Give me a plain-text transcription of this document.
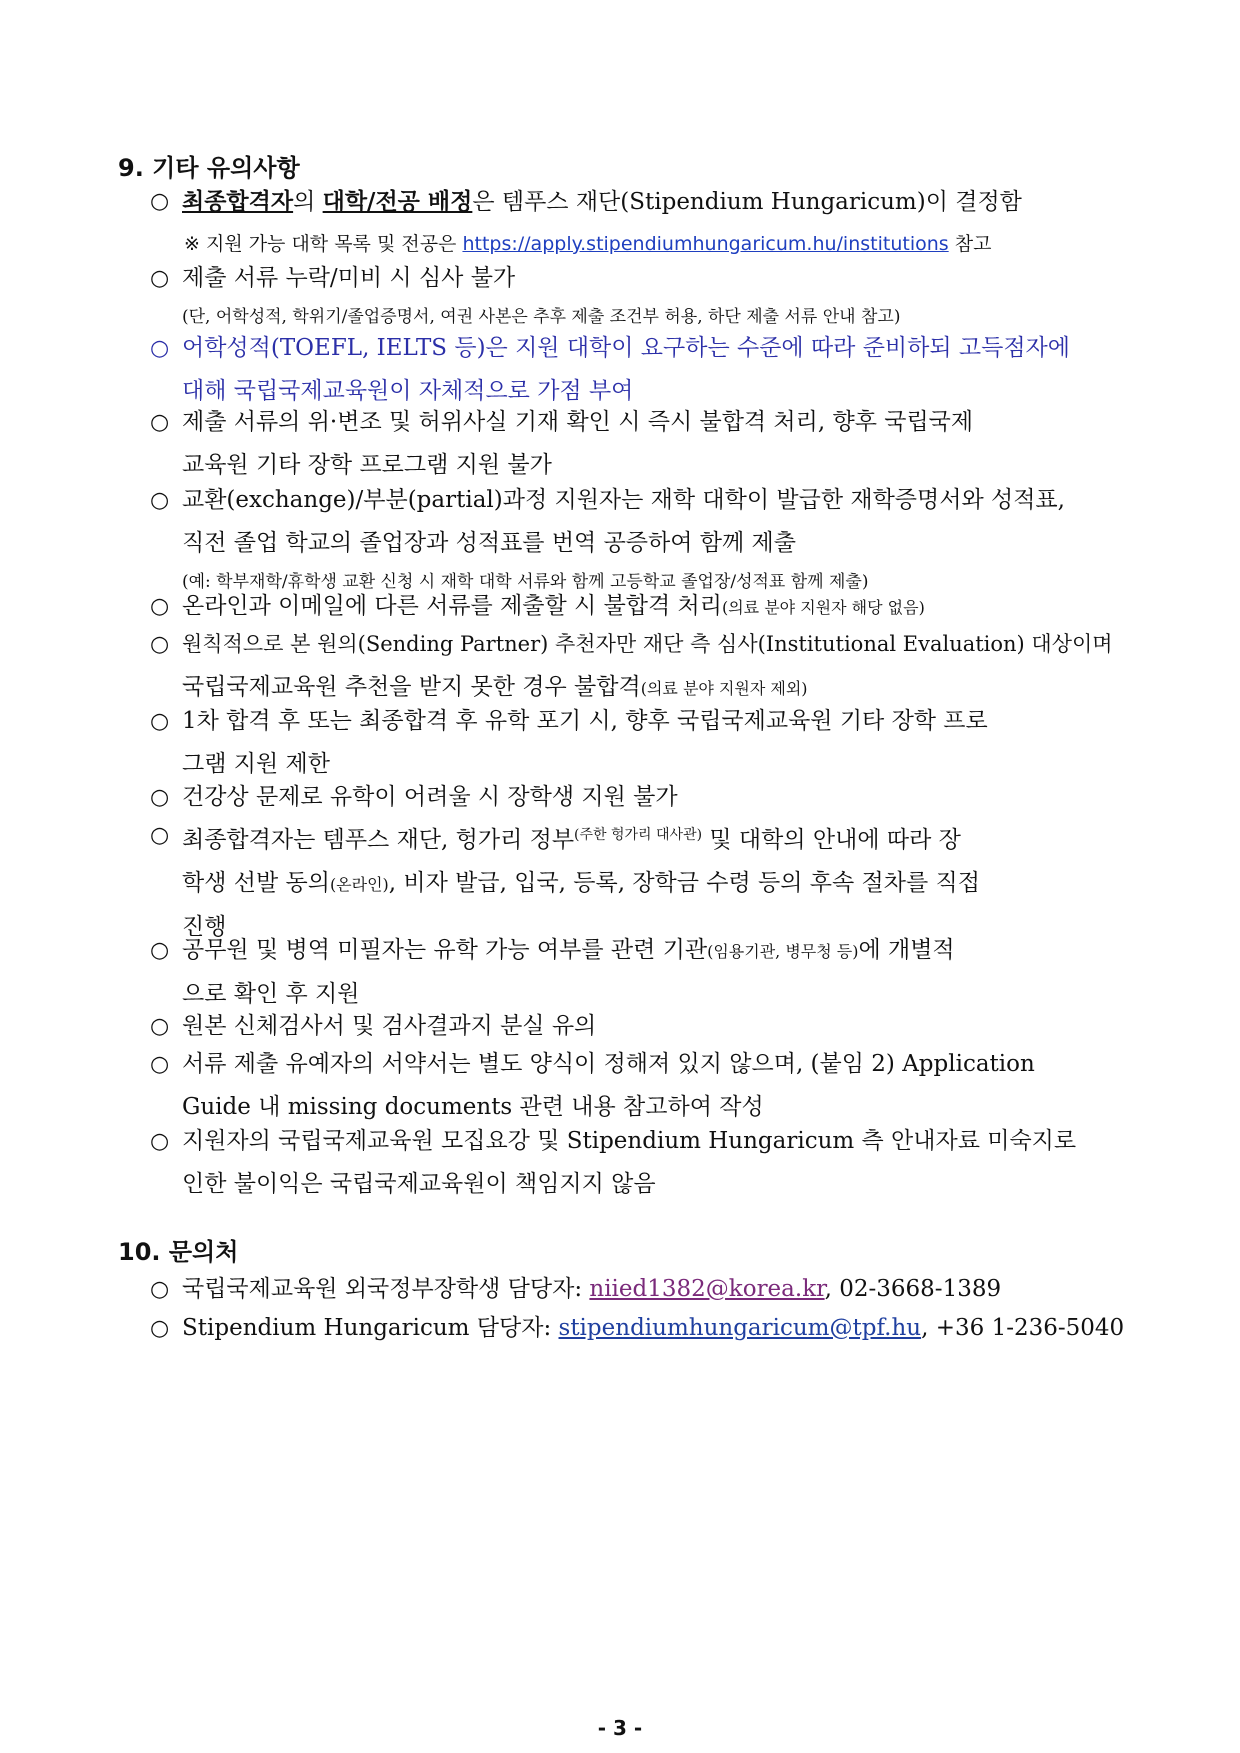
9. 기타 유의사항
○ 최종합격자의 대학/전공 배정은 템푸스 재단(Stipendium Hungaricum)이 결정함
※ 지원 가능 대학 목록 및 전공은 https://apply.stipendiumhungaricum.hu/institutions 참고
○ 제출 서류 누락/미비 시 심사 불가
(단, 어학성적, 학위기/졸업증명서, 여권 사본은 추후 제출 조건부 허용, 하단 제출 서류 안내 참고)
○ 어학성적(TOEFL, IELTS 등)은 지원 대학이 요구하는 수준에 따라 준비하되 고득점자에
대해 국립국제교육원이 자체적으로 가점 부여
○ 제출 서류의 위·변조 및 허위사실 기재 확인 시 즉시 불합격 처리, 향후 국립국제
교육원 기타 장학 프로그램 지원 불가
○ 교환(exchange)/부분(partial)과정 지원자는 재학 대학이 발급한 재학증명서와 성적표,
직전 졸업 학교의 졸업장과 성적표를 번역 공증하여 함께 제출
(예: 학부재학/휴학생 교환 신청 시 재학 대학 서류와 함께 고등학교 졸업장/성적표 함께 제출)
○ 온라인과 이메일에 다른 서류를 제출할 시 불합격 처리(의료 분야 지원자 해당 없음)
○ 원칙적으로 본 원의(Sending Partner) 추천자만 재단 측 심사(Institutional Evaluation) 대상이며
국립국제교육원 추천을 받지 못한 경우 불합격(의료 분야 지원자 제외)
○ 1차 합격 후 또는 최종합격 후 유학 포기 시, 향후 국립국제교육원 기타 장학 프로
그램 지원 제한
○ 건강상 문제로 유학이 어려울 시 장학생 지원 불가
○ 최종합격자는 템푸스 재단, 헝가리 정부$^{(주한 헝가리 대사관)}$ 및 대학의 안내에 따라 장
학생 선발 동의(온라인), 비자 발급, 입국, 등록, 장학금 수령 등의 후속 절차를 직접
진행
○ 공무원 및 병역 미필자는 유학 가능 여부를 관련 기관(임용기관, 병무청 등)에 개별적
으로 확인 후 지원
○ 원본 신체검사서 및 검사결과지 분실 유의
○ 서류 제출 유예자의 서약서는 별도 양식이 정해져 있지 않으며, (붙임 2) Application
Guide 내 missing documents 관련 내용 참고하여 작성
○ 지원자의 국립국제교육원 모집요강 및 Stipendium Hungaricum 측 안내자료 미숙지로
인한 불이익은 국립국제교육원이 책임지지 않음
10. 문의처
○ 국립국제교육원 외국정부장학생 담당자: niied1382@korea.kr, 02-3668-1389
○ Stipendium Hungaricum 담당자: stipendiumhungaricum@tpf.hu, +36 1-236-5040
- 3 -
